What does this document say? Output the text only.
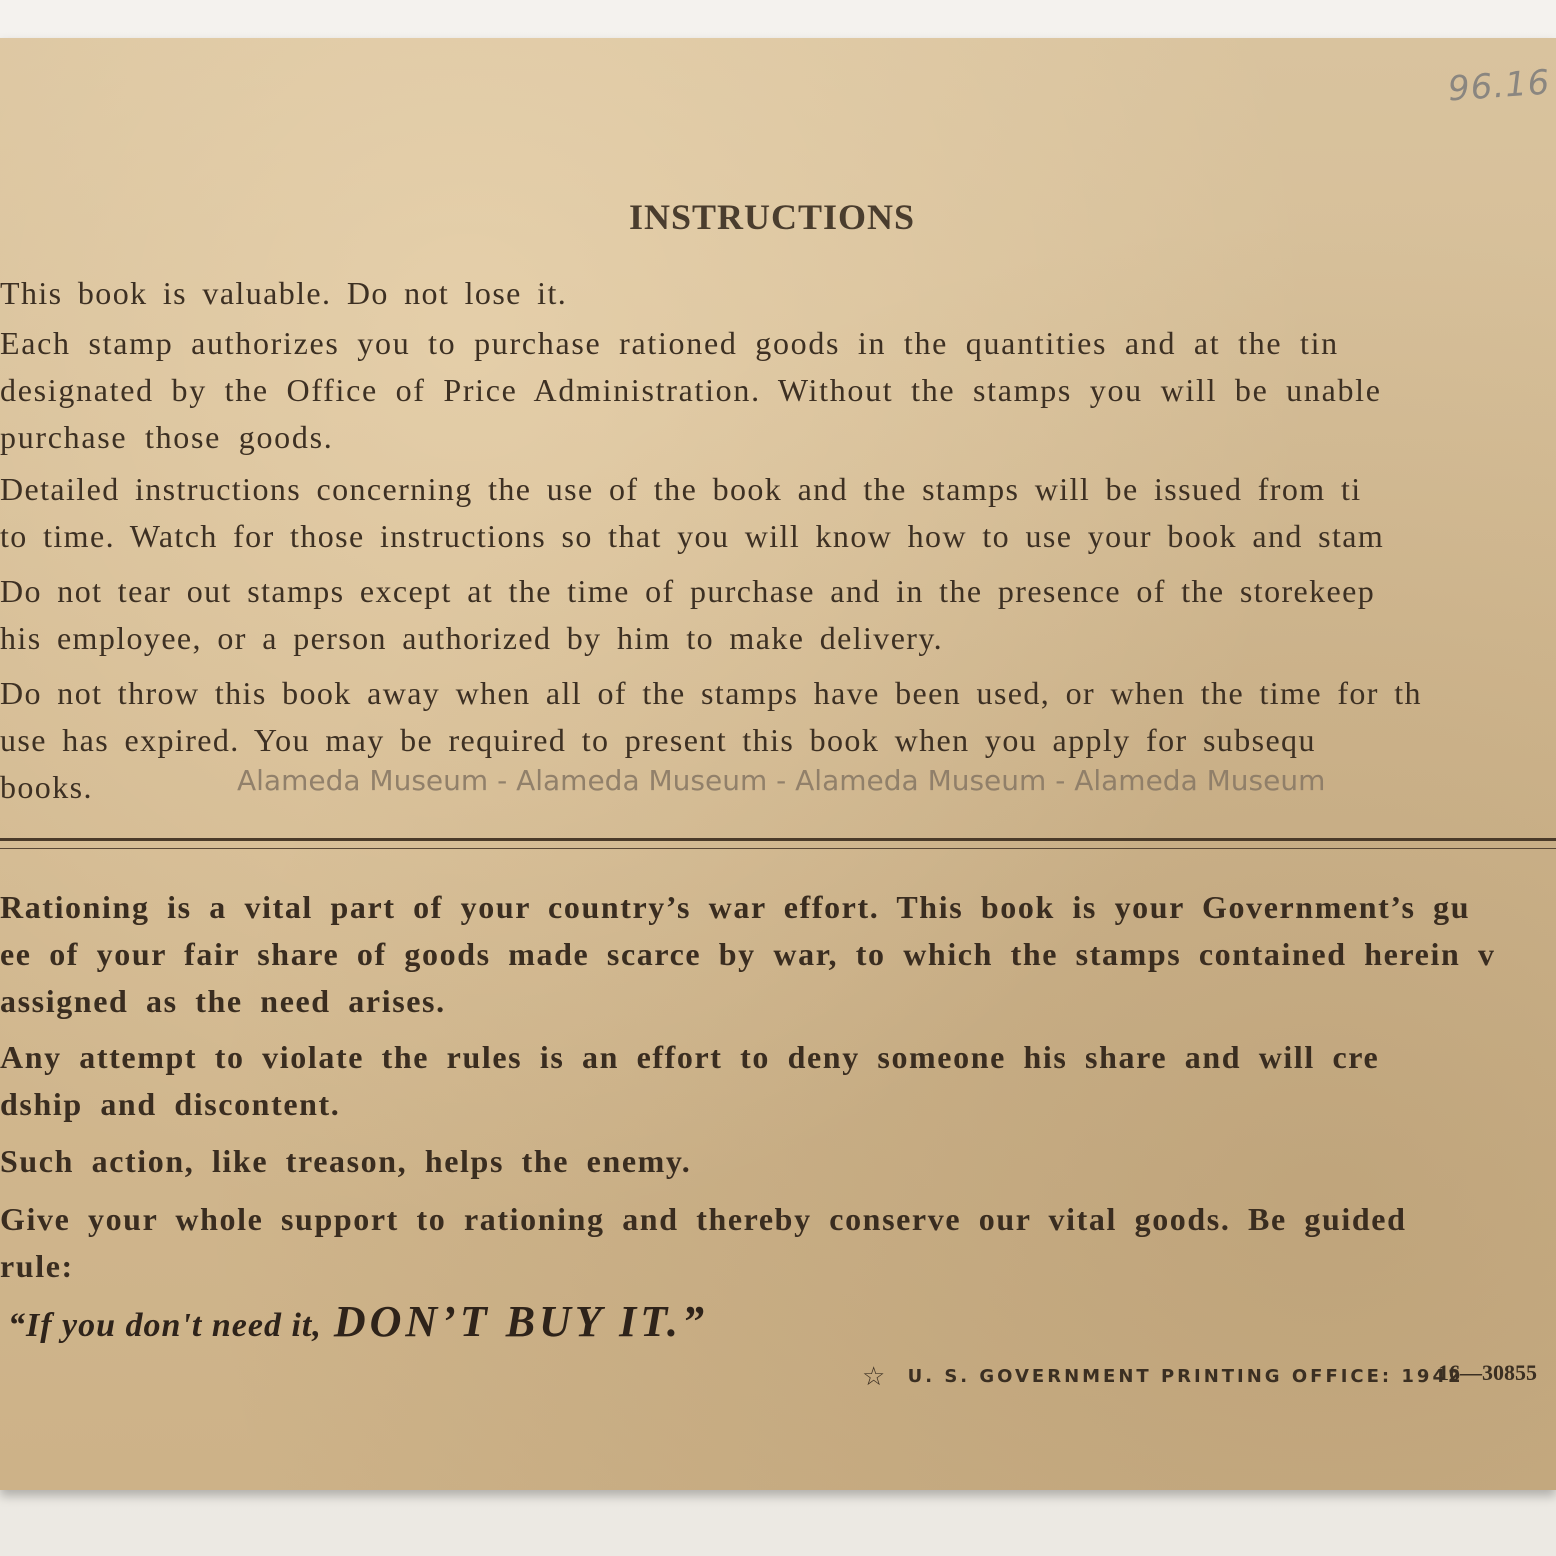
96.16
INSTRUCTIONS
This book is valuable. Do not lose it.
Each stamp authorizes you to purchase rationed goods in the quantities and at the tin
designated by the Office of Price Administration. Without the stamps you will be unable
purchase those goods.
Detailed instructions concerning the use of the book and the stamps will be issued from ti
to time. Watch for those instructions so that you will know how to use your book and stam
Do not tear out stamps except at the time of purchase and in the presence of the storekeep
his employee, or a person authorized by him to make delivery.
Do not throw this book away when all of the stamps have been used, or when the time for th
use has expired. You may be required to present this book when you apply for subsequ
books.	Alameda Museum - Alameda Museum - Alameda Museum - Alameda Museum
Rationing is a vital part of your country’s war effort. This book is your Government’s gu
ee of your fair share of goods made scarce by war, to which the stamps contained herein v
assigned as the need arises.
Any attempt to violate the rules is an effort to deny someone his share and will cre
dship and discontent.
Such action, like treason, helps the enemy.
Give your whole support to rationing and thereby conserve our vital goods. Be guided
rule:
“If you don't need it, DON’T BUY IT.”
☆ U. S. GOVERNMENT PRINTING OFFICE: 1942
16—30855
